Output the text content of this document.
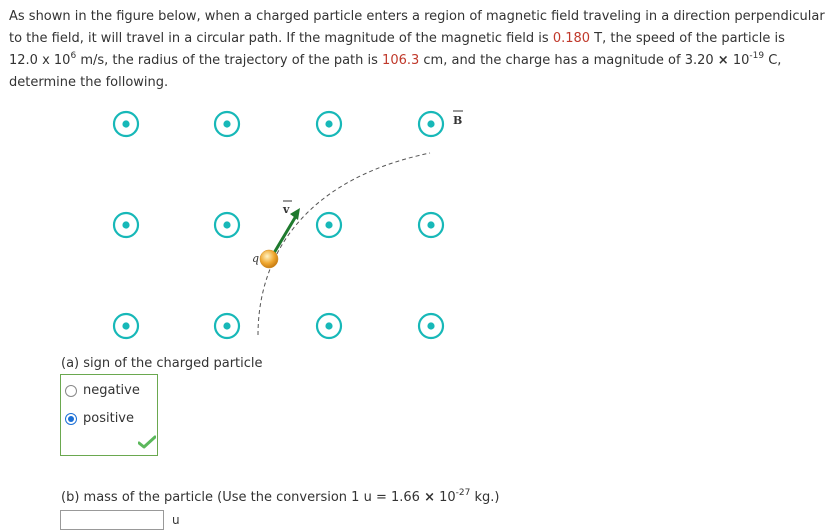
As shown in the figure below, when a charged particle enters a region of magnetic field traveling in a direction perpendicular
to the field, it will travel in a circular path. If the magnitude of the magnetic field is 0.180 T, the speed of the particle is
12.0 x $10^6$ m/s, the radius of the trajectory of the path is 106.3 cm, and the charge has a magnitude of $3.20 \times 10^{-19}$ C,
determine the following.
v
q
B
(a) sign of the charged particle
negative
positive
(b) mass of the particle (Use the conversion 1 $u = 1.66 \times 10^{-27}$ kg.)
u
